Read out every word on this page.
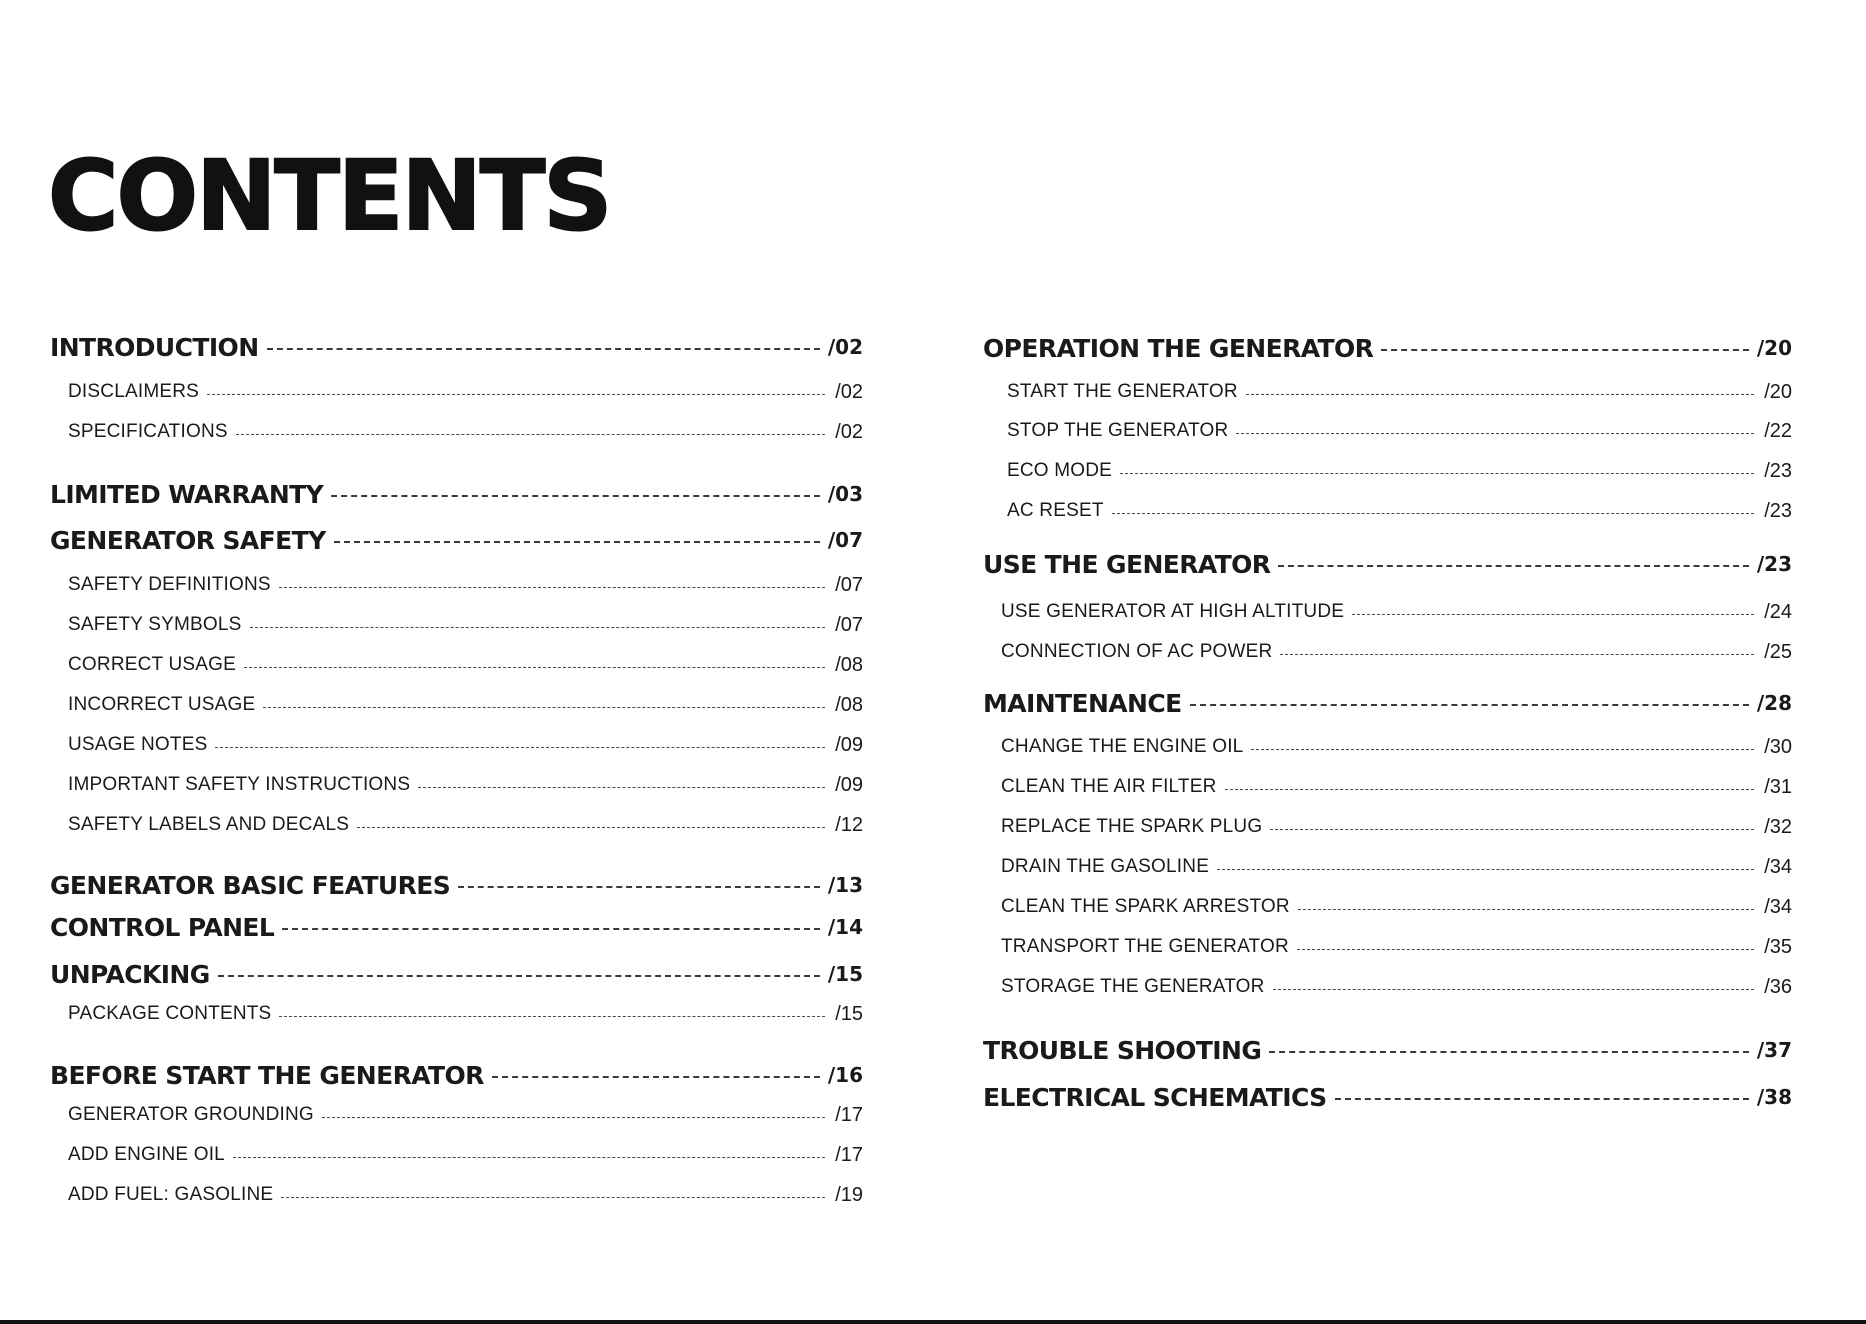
CONTENTS
INTRODUCTION	/02
DISCLAIMERS	/02
SPECIFICATIONS	/02
LIMITED WARRANTY	/03
GENERATOR SAFETY	/07
SAFETY DEFINITIONS	/07
SAFETY SYMBOLS	/07
CORRECT USAGE	/08
INCORRECT USAGE	/08
USAGE NOTES	/09
IMPORTANT SAFETY INSTRUCTIONS	/09
SAFETY LABELS AND DECALS	/12
GENERATOR BASIC FEATURES	/13
CONTROL PANEL	/14
UNPACKING	/15
PACKAGE CONTENTS	/15
BEFORE START THE GENERATOR	/16
GENERATOR GROUNDING	/17
ADD ENGINE OIL	/17
ADD FUEL: GASOLINE	/19
OPERATION THE GENERATOR	/20
START THE GENERATOR	/20
STOP THE GENERATOR	/22
ECO MODE	/23
AC RESET	/23
USE THE GENERATOR	/23
USE GENERATOR AT HIGH ALTITUDE	/24
CONNECTION OF AC POWER	/25
MAINTENANCE	/28
CHANGE THE ENGINE OIL	/30
CLEAN THE AIR FILTER	/31
REPLACE THE SPARK PLUG	/32
DRAIN THE GASOLINE	/34
CLEAN THE SPARK ARRESTOR	/34
TRANSPORT THE GENERATOR	/35
STORAGE THE GENERATOR	/36
TROUBLE SHOOTING	/37
ELECTRICAL SCHEMATICS	/38
